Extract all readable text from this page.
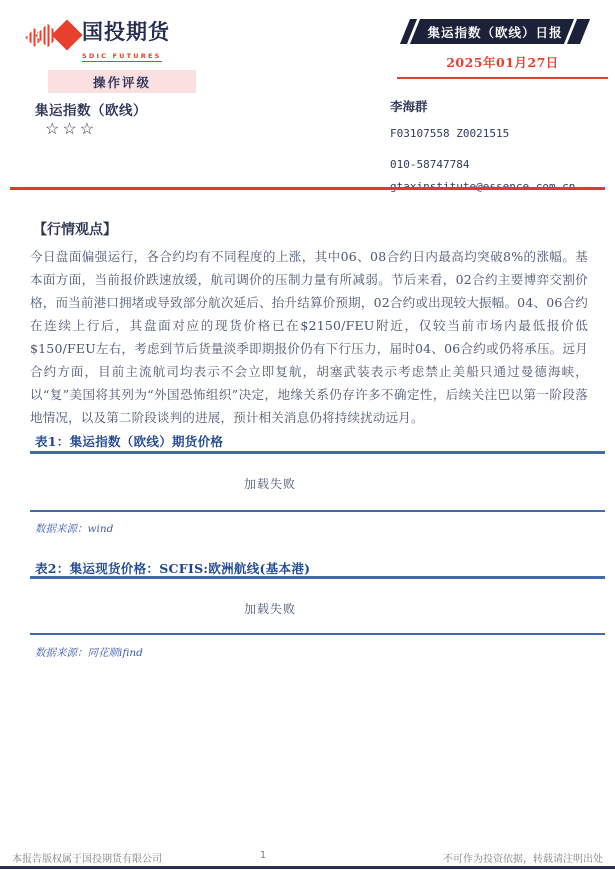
国投期货
SDIC FUTURES
集运指数（欧线）日报
2025年01月27日
操作评级
集运指数（欧线）
☆☆☆
李海群
F03107558 Z0021515
010-58747784
【行情观点】
今日盘面偏强运行，各合约均有不同程度的上涨，其中06、08合约日内最高均突破8%的涨幅。基本面方面，当前报价跌速放缓，航司调价的压制力量有所减弱。节后来看，02合约主要博弈交割价格，而当前港口拥堵或导致部分航次延后、抬升结算价预期，02合约或出现较大振幅。04、06合约在连续上行后，其盘面对应的现货价格已在$2150/FEU附近，仅较当前市场内最低报价低$150/FEU左右，考虑到节后货量淡季即期报价仍有下行压力，届时04、06合约或仍将承压。远月合约方面，目前主流航司均表示不会立即复航，胡塞武装表示考虑禁止美船只通过曼德海峡，以“复”美国将其列为“外国恐怖组织”决定，地缘关系仍存许多不确定性，后续关注巴以第一阶段落地情况，以及第二阶段谈判的进展，预计相关消息仍将持续扰动远月。
表1：集运指数（欧线）期货价格
加载失败
数据来源：wind
表2：集运现货价格：SCFIS:欧洲航线(基本港)
加载失败
数据来源：同花顺ifind
本报告版权属于国投期货有限公司	1	不可作为投资依据，转载请注明出处
